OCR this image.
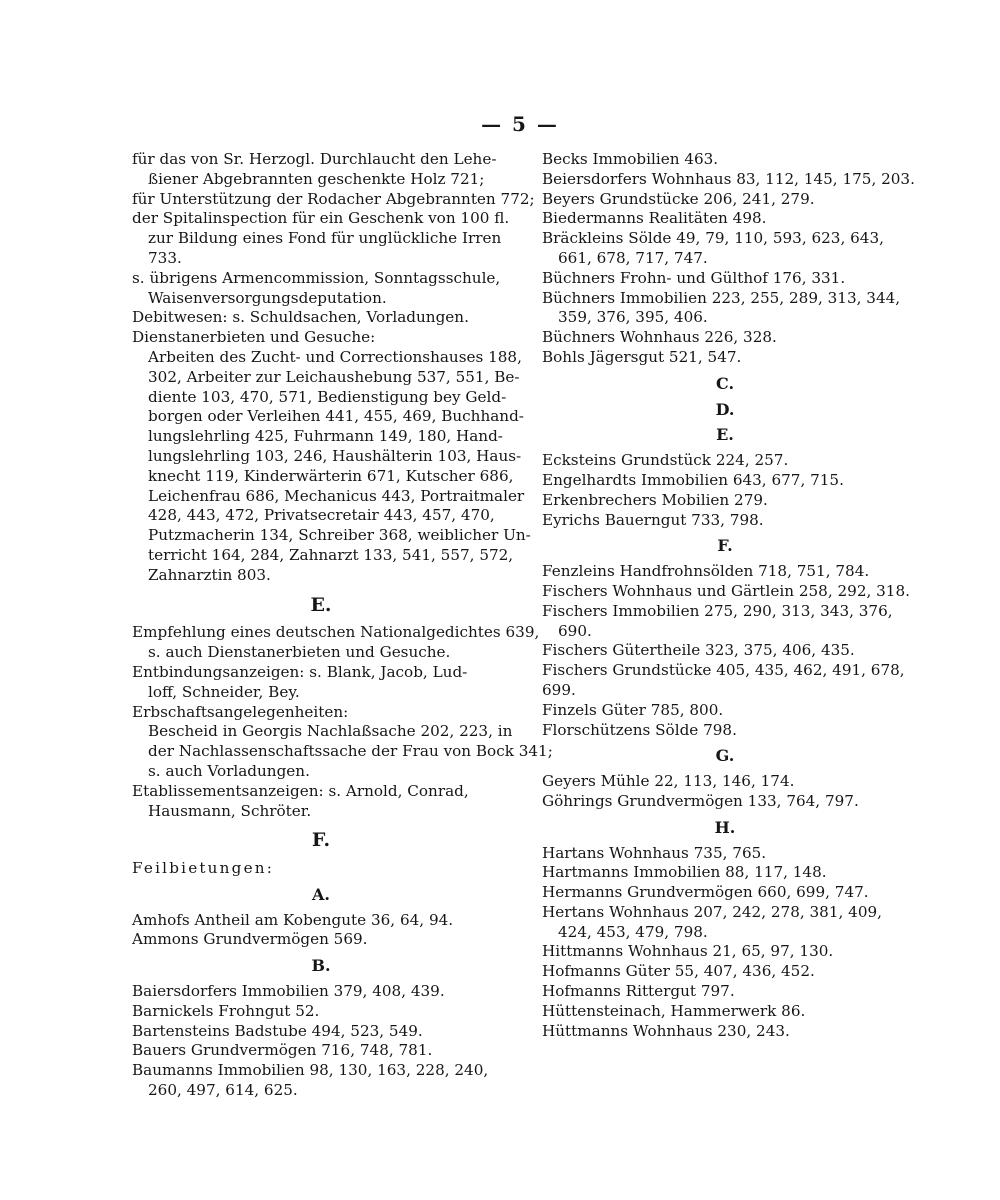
— 5 —
für das von Sr. Herzogl. Durchlaucht den Lehe-
ßiener Abgebrannten geschenkte Holz 721;
für Unterstützung der Rodacher Abgebrannten 772;
der Spitalinspection für ein Geschenk von 100 fl.
zur Bildung eines Fond für unglückliche Irren
733.
s. übrigens Armencommission, Sonntagsschule,
Waisenversorgungsdeputation.
Debitwesen: s. Schuldsachen, Vorladungen.
Dienstanerbieten und Gesuche:
Arbeiten des Zucht- und Correctionshauses 188,
302, Arbeiter zur Leichaushebung 537, 551, Be-
diente 103, 470, 571, Bedienstigung bey Geld-
borgen oder Verleihen 441, 455, 469, Buchhand-
lungslehrling 425, Fuhrmann 149, 180, Hand-
lungslehrling 103, 246, Haushälterin 103, Haus-
knecht 119, Kinderwärterin 671, Kutscher 686,
Leichenfrau 686, Mechanicus 443, Portraitmaler
428, 443, 472, Privatsecretair 443, 457, 470,
Putzmacherin 134, Schreiber 368, weiblicher Un-
terricht 164, 284, Zahnarzt 133, 541, 557, 572,
Zahnarztin 803.
E.
Empfehlung eines deutschen Nationalgedichtes 639,
s. auch Dienstanerbieten und Gesuche.
Entbindungsanzeigen: s. Blank, Jacob, Lud-
loff, Schneider, Bey.
Erbschaftsangelegenheiten:
Bescheid in Georgis Nachlaßsache 202, 223, in
der Nachlassenschaftssache der Frau von Bock 341;
s. auch Vorladungen.
Etablissementsanzeigen: s. Arnold, Conrad,
Hausmann, Schröter.
F.
Feilbietungen:
A.
Amhofs Antheil am Kobengute 36, 64, 94.
Ammons Grundvermögen 569.
B.
Baiersdorfers Immobilien 379, 408, 439.
Barnickels Frohngut 52.
Bartensteins Badstube 494, 523, 549.
Bauers Grundvermögen 716, 748, 781.
Baumanns Immobilien 98, 130, 163, 228, 240,
260, 497, 614, 625.
Becks Immobilien 463.
Beiersdorfers Wohnhaus 83, 112, 145, 175, 203.
Beyers Grundstücke 206, 241, 279.
Biedermanns Realitäten 498.
Bräckleins Sölde 49, 79, 110, 593, 623, 643,
661, 678, 717, 747.
Büchners Frohn- und Gülthof 176, 331.
Büchners Immobilien 223, 255, 289, 313, 344,
359, 376, 395, 406.
Büchners Wohnhaus 226, 328.
Bohls Jägersgut 521, 547.
C.
D.
E.
Ecksteins Grundstück 224, 257.
Engelhardts Immobilien 643, 677, 715.
Erkenbrechers Mobilien 279.
Eyrichs Bauerngut 733, 798.
F.
Fenzleins Handfrohnsölden 718, 751, 784.
Fischers Wohnhaus und Gärtlein 258, 292, 318.
Fischers Immobilien 275, 290, 313, 343, 376,
690.
Fischers Gütertheile 323, 375, 406, 435.
Fischers Grundstücke 405, 435, 462, 491, 678,
699.
Finzels Güter 785, 800.
Florschützens Sölde 798.
G.
Geyers Mühle 22, 113, 146, 174.
Göhrings Grundvermögen 133, 764, 797.
H.
Hartans Wohnhaus 735, 765.
Hartmanns Immobilien 88, 117, 148.
Hermanns Grundvermögen 660, 699, 747.
Hertans Wohnhaus 207, 242, 278, 381, 409,
424, 453, 479, 798.
Hittmanns Wohnhaus 21, 65, 97, 130.
Hofmanns Güter 55, 407, 436, 452.
Hofmanns Rittergut 797.
Hüttensteinach, Hammerwerk 86.
Hüttmanns Wohnhaus 230, 243.
